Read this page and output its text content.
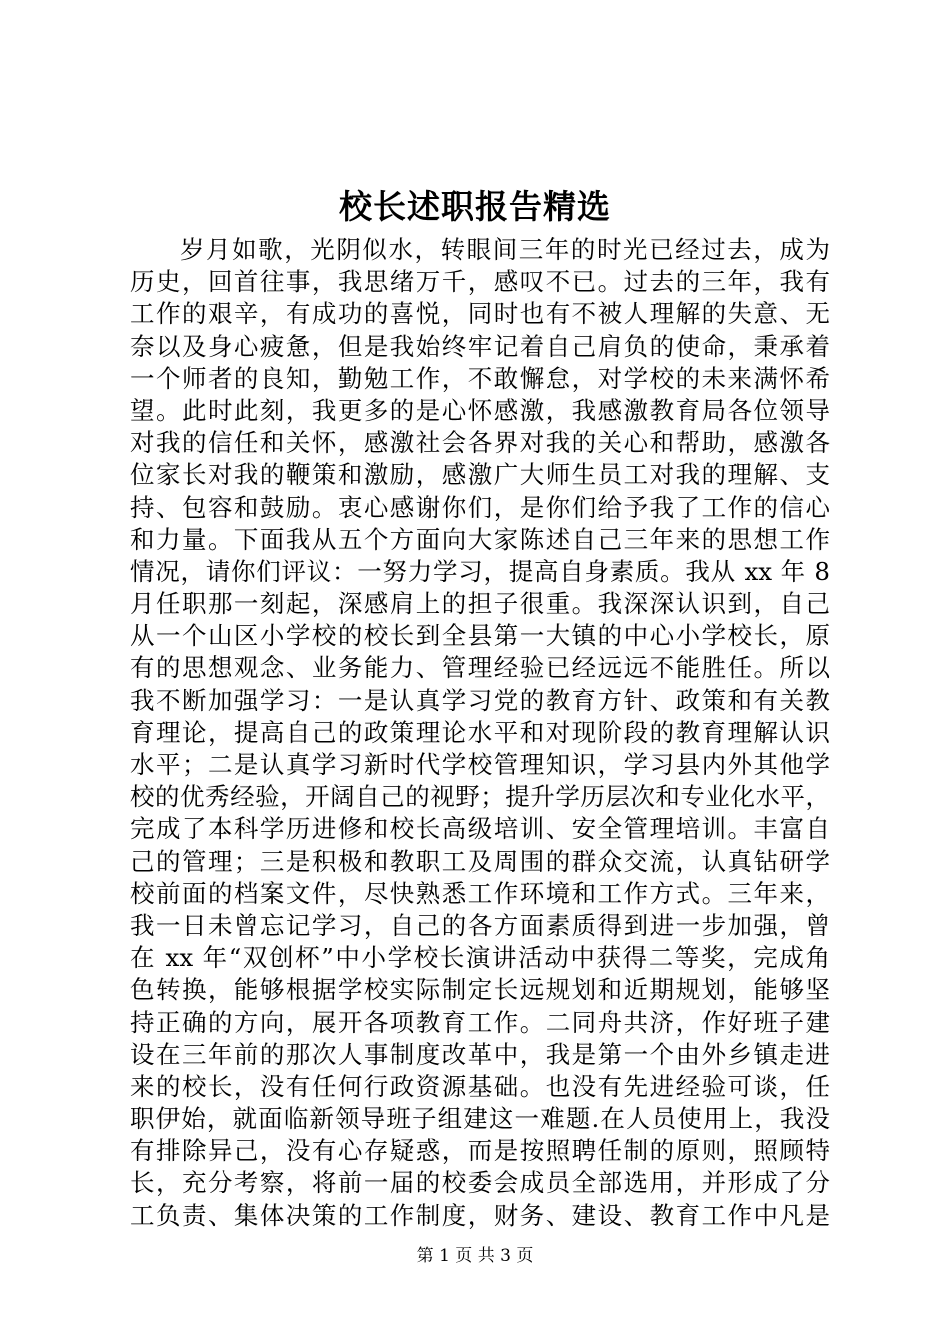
校长述职报告精选
岁月如歌，光阴似水，转眼间三年的时光已经过去，成为
历史，回首往事，我思绪万千，感叹不已。过去的三年，我有
工作的艰辛，有成功的喜悦，同时也有不被人理解的失意、无
奈以及身心疲惫，但是我始终牢记着自己肩负的使命，秉承着
一个师者的良知，勤勉工作，不敢懈怠，对学校的未来满怀希
望。此时此刻，我更多的是心怀感激，我感激教育局各位领导
对我的信任和关怀，感激社会各界对我的关心和帮助，感激各
位家长对我的鞭策和激励，感激广大师生员工对我的理解、支
持、包容和鼓励。衷心感谢你们，是你们给予我了工作的信心
和力量。下面我从五个方面向大家陈述自己三年来的思想工作
情况，请你们评议：一努力学习，提高自身素质。我从 xx 年 8
月任职那一刻起，深感肩上的担子很重。我深深认识到，自己
从一个山区小学校的校长到全县第一大镇的中心小学校长，原
有的思想观念、业务能力、管理经验已经远远不能胜任。所以
我不断加强学习：一是认真学习党的教育方针、政策和有关教
育理论，提高自己的政策理论水平和对现阶段的教育理解认识
水平；二是认真学习新时代学校管理知识，学习县内外其他学
校的优秀经验，开阔自己的视野；提升学历层次和专业化水平，
完成了本科学历进修和校长高级培训、安全管理培训。丰富自
己的管理；三是积极和教职工及周围的群众交流，认真钻研学
校前面的档案文件，尽快熟悉工作环境和工作方式。三年来，
我一日未曾忘记学习，自己的各方面素质得到进一步加强，曾
在 xx 年“双创杯”中小学校长演讲活动中获得二等奖，完成角
色转换，能够根据学校实际制定长远规划和近期规划，能够坚
持正确的方向，展开各项教育工作。二同舟共济，作好班子建
设在三年前的那次人事制度改革中，我是第一个由外乡镇走进
来的校长，没有任何行政资源基础。也没有先进经验可谈，任
职伊始，就面临新领导班子组建这一难题.在人员使用上，我没
有排除异己，没有心存疑惑，而是按照聘任制的原则，照顾特
长，充分考察，将前一届的校委会成员全部选用，并形成了分
工负责、集体决策的工作制度，财务、建设、教育工作中凡是
第 1 页 共 3 页
